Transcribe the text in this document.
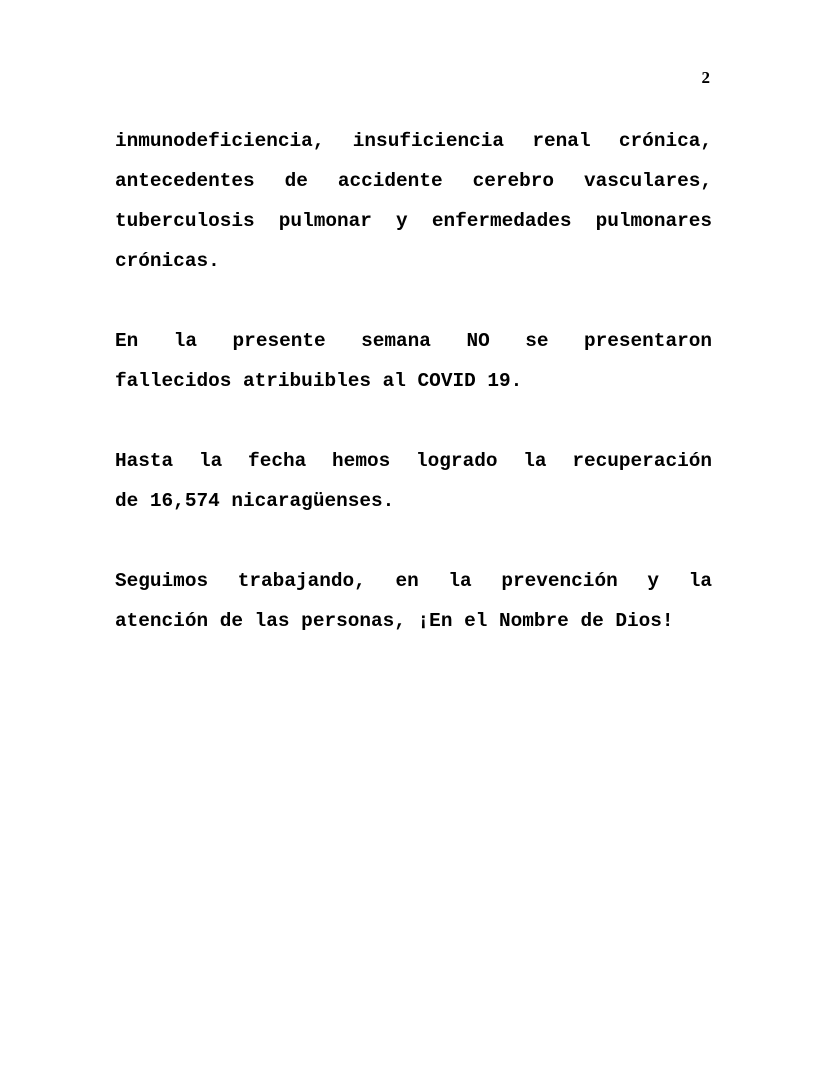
2
inmunodeficiencia, insuficiencia renal crónica,
antecedentes de accidente cerebro vasculares,
tuberculosis pulmonar y enfermedades pulmonares
crónicas.
En la presente semana NO se presentaron
fallecidos atribuibles al COVID 19.
Hasta la fecha hemos logrado la recuperación
de 16,574 nicaragüenses.
Seguimos trabajando, en la prevención y la
atención de las personas, ¡En el Nombre de Dios!
